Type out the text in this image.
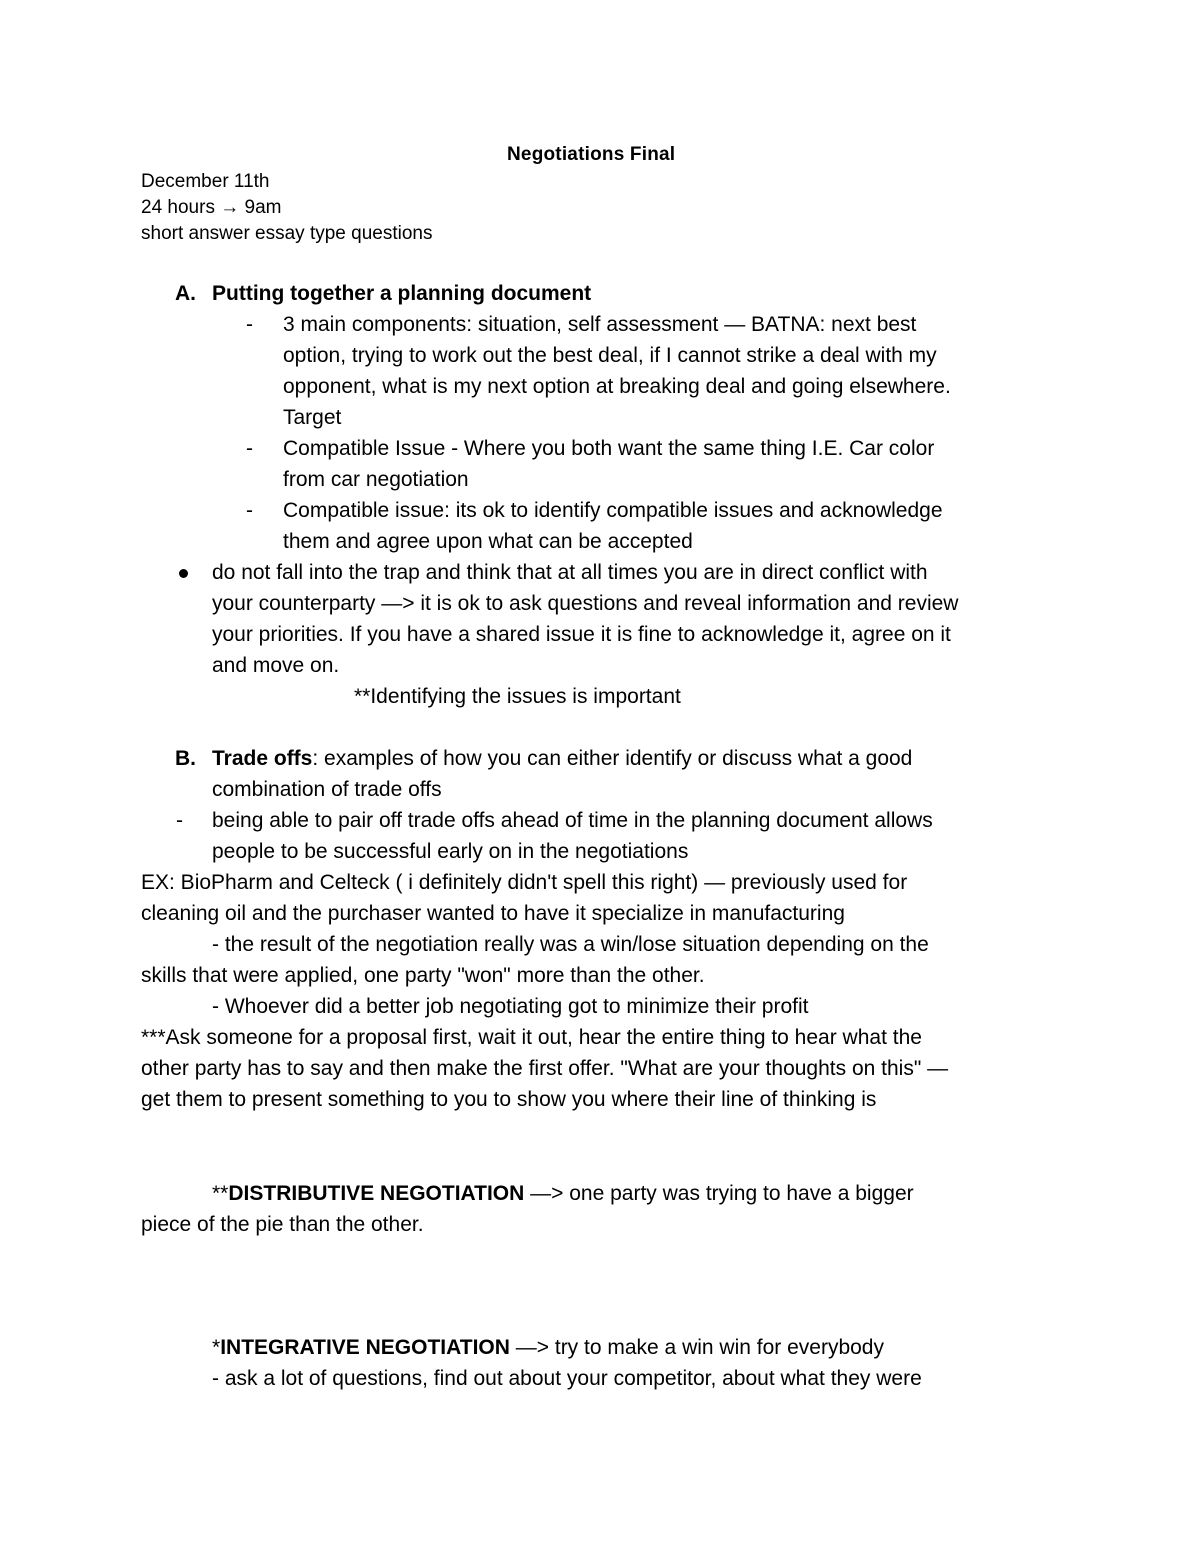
Negotiations Final
December 11th
24 hours → 9am
short answer essay type questions
A. Putting together a planning document
- 3 main components: situation, self assessment — BATNA: next best
option, trying to work out the best deal, if I cannot strike a deal with my
opponent, what is my next option at breaking deal and going elsewhere.
Target
- Compatible Issue - Where you both want the same thing I.E. Car color
from car negotiation
- Compatible issue: its ok to identify compatible issues and acknowledge
them and agree upon what can be accepted
do not fall into the trap and think that at all times you are in direct conflict with
your counterparty —> it is ok to ask questions and reveal information and review
your priorities. If you have a shared issue it is fine to acknowledge it, agree on it
and move on.
**Identifying the issues is important
B. Trade offs: examples of how you can either identify or discuss what a good
combination of trade offs
- being able to pair off trade offs ahead of time in the planning document allows
people to be successful early on in the negotiations
EX: BioPharm and Celteck ( i definitely didn't spell this right) — previously used for
cleaning oil and the purchaser wanted to have it specialize in manufacturing
- the result of the negotiation really was a win/lose situation depending on the
skills that were applied, one party "won" more than the other.
- Whoever did a better job negotiating got to minimize their profit
***Ask someone for a proposal first, wait it out, hear the entire thing to hear what the
other party has to say and then make the first offer. "What are your thoughts on this" —
get them to present something to you to show you where their line of thinking is
**DISTRIBUTIVE NEGOTIATION —> one party was trying to have a bigger
piece of the pie than the other.
*INTEGRATIVE NEGOTIATION —> try to make a win win for everybody
- ask a lot of questions, find out about your competitor, about what they were
